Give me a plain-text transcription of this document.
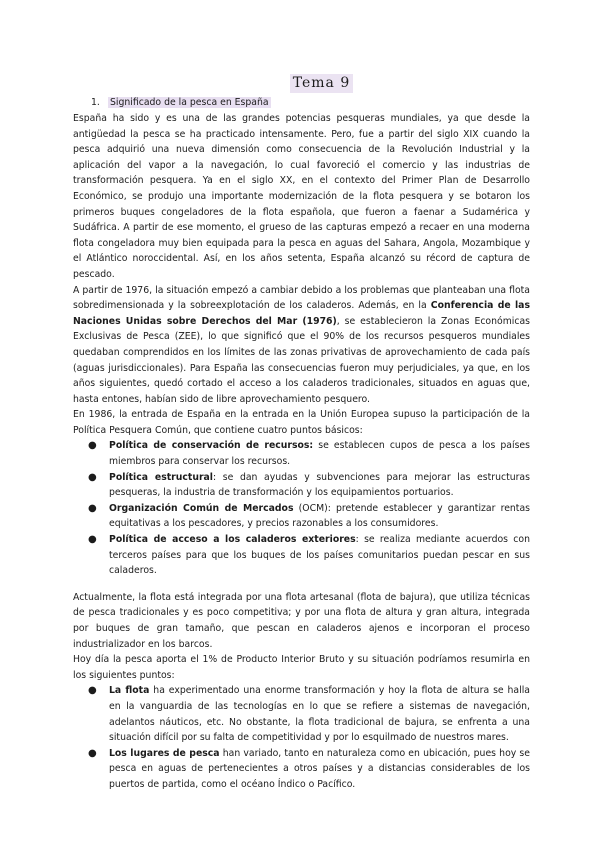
Tema 9
1. Significado de la pesca en España

España ha sido y es una de las grandes potencias pesqueras mundiales, ya que desde la antigüedad la pesca se ha practicado intensamente. Pero, fue a partir del siglo XIX cuando la pesca adquirió una nueva dimensión como consecuencia de la Revolución Industrial y la aplicación del vapor a la navegación, lo cual favoreció el comercio y las industrias de transformación pesquera. Ya en el siglo XX, en el contexto del Primer Plan de Desarrollo Económico, se produjo una importante modernización de la flota pesquera y se botaron los primeros buques congeladores de la flota española, que fueron a faenar a Sudamérica y Sudáfrica. A partir de ese momento, el grueso de las capturas empezó a recaer en una moderna flota congeladora muy bien equipada para la pesca en aguas del Sahara, Angola, Mozambique y el Atlántico noroccidental. Así, en los años setenta, España alcanzó su récord de captura de pescado.

A partir de 1976, la situación empezó a cambiar debido a los problemas que planteaban una flota sobredimensionada y la sobreexplotación de los caladeros. Además, en la Conferencia de las Naciones Unidas sobre Derechos del Mar (1976), se establecieron la Zonas Económicas Exclusivas de Pesca (ZEE), lo que significó que el 90% de los recursos pesqueros mundiales quedaban comprendidos en los límites de las zonas privativas de aprovechamiento de cada país (aguas jurisdiccionales). Para España las consecuencias fueron muy perjudiciales, ya que, en los años siguientes, quedó cortado el acceso a los caladeros tradicionales, situados en aguas que, hasta entones, habían sido de libre aprovechamiento pesquero.

En 1986, la entrada de España en la entrada en la Unión Europea supuso la participación de la Política Pesquera Común, que contiene cuatro puntos básicos:

● Política de conservación de recursos: se establecen cupos de pesca a los países miembros para conservar los recursos.
● Política estructural: se dan ayudas y subvenciones para mejorar las estructuras pesqueras, la industria de transformación y los equipamientos portuarios.
● Organización Común de Mercados (OCM): pretende establecer y garantizar rentas equitativas a los pescadores, y precios razonables a los consumidores.
● Política de acceso a los caladeros exteriores: se realiza mediante acuerdos con terceros países para que los buques de los países comunitarios puedan pescar en sus caladeros.

Actualmente, la flota está integrada por una flota artesanal (flota de bajura), que utiliza técnicas de pesca tradicionales y es poco competitiva; y por una flota de altura y gran altura, integrada por buques de gran tamaño, que pescan en caladeros ajenos e incorporan el proceso industrializador en los barcos.

Hoy día la pesca aporta el 1% de Producto Interior Bruto y su situación podríamos resumirla en los siguientes puntos:

● La flota ha experimentado una enorme transformación y hoy la flota de altura se halla en la vanguardia de las tecnologías en lo que se refiere a sistemas de navegación, adelantos náuticos, etc. No obstante, la flota tradicional de bajura, se enfrenta a una situación difícil por su falta de competitividad y por lo esquilmado de nuestros mares.
● Los lugares de pesca han variado, tanto en naturaleza como en ubicación, pues hoy se pesca en aguas de pertenecientes a otros países y a distancias considerables de los puertos de partida, como el océano Índico o Pacífico.
